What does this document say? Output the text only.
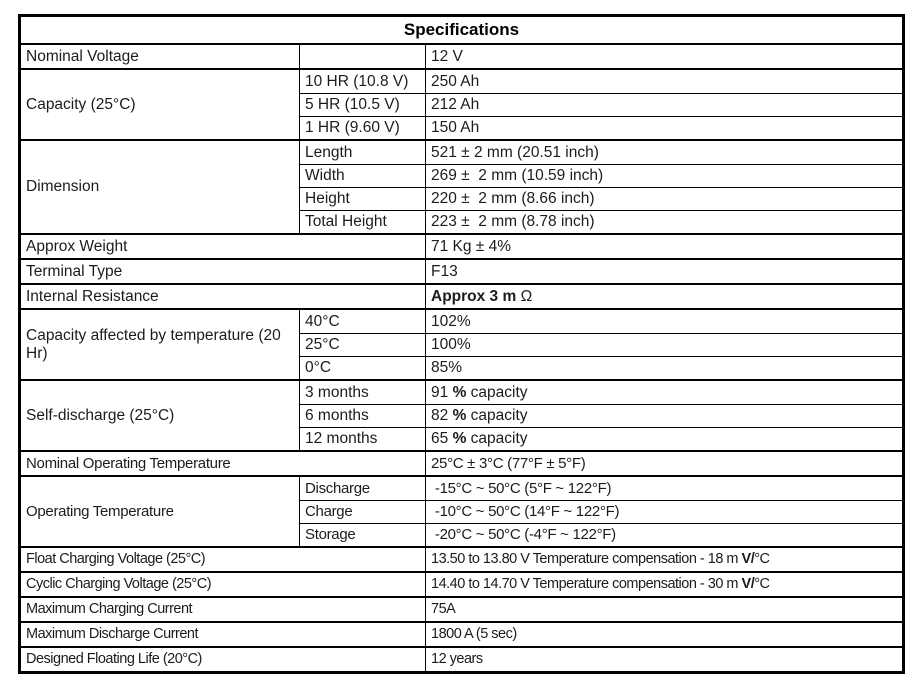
Specifications
Nominal Voltage	12 V
Capacity (25°C)
10 HR (10.8 V) 250 Ah
5 HR (10.5 V) 212 Ah
1 HR (9.60 V) 150 Ah
Dimension
Length	521 ± 2 mm (20.51 inch)
Width	269 ±  2 mm (10.59 inch)
Height	220 ±  2 mm (8.66 inch)
Total Height	223 ±  2 mm (8.78 inch)
Approx Weight	71 Kg ± 4%
Terminal Type	F13
Internal Resistance	Approx 3 m Ω
Capacity affected by temperature (20 Hr)
40°C	102%
25°C	100%
0°C	85%
Self-discharge (25°C)
3 months	91 % capacity
6 months	82 % capacity
12 months	65 % capacity
Nominal Operating Temperature	25°C ± 3°C (77°F ± 5°F)
Operating Temperature
Discharge	-15°C ~ 50°C (5°F ~ 122°F)
Charge	-10°C ~ 50°C (14°F ~ 122°F)
Storage	-20°C ~ 50°C (-4°F ~ 122°F)
Float Charging Voltage (25°C)	13.50 to 13.80 V Temperature compensation - 18 m V/°C
Cyclic Charging Voltage (25°C)	14.40 to 14.70 V Temperature compensation - 30 m V/°C
Maximum Charging Current	75A
Maximum Discharge Current	1800 A (5 sec)
Designed Floating Life (20°C)	12 years
